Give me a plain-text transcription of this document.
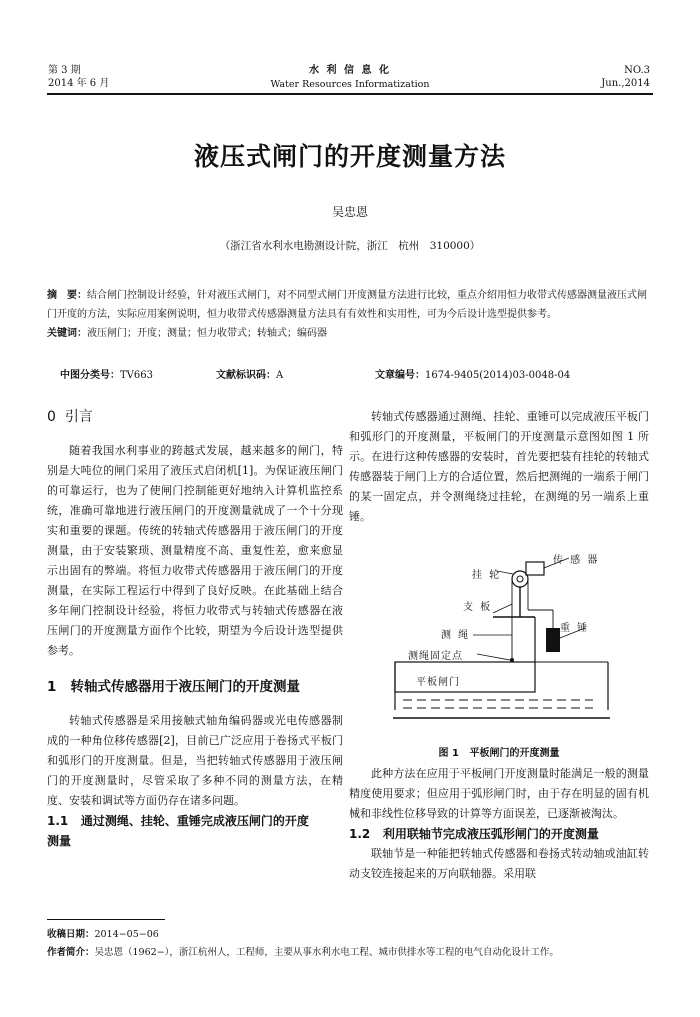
第 3 期
2014 年 6 月
水 利 信 息 化
Water Resources Informatization
NO.3
Jun.,2014
液压式闸门的开度测量方法
吴忠恩
（浙江省水利水电勘测设计院，浙江　杭州　310000）
摘　要：结合闸门控制设计经验，针对液压式闸门，对不同型式闸门开度测量方法进行比较，重点介绍用恒力收带式传感器测量液压式闸门开度的方法，实际应用案例说明，恒力收带式传感器测量方法具有有效性和实用性，可为今后设计选型提供参考。
关键词：液压闸门；开度；测量；恒力收带式；转轴式；编码器
中图分类号：TV663	文献标识码：A	文章编号：1674-9405(2014)03-0048-04
0 引言

随着我国水利事业的跨越式发展，越来越多的闸门，特别是大吨位的闸门采用了液压式启闭机[1]。为保证液压闸门的可靠运行，也为了使闸门控制能更好地纳入计算机监控系统，准确可靠地进行液压闸门的开度测量就成了一个十分现实和重要的课题。传统的转轴式传感器用于液压闸门的开度测量，由于安装繁琐、测量精度不高、重复性差，愈来愈显示出固有的弊端。将恒力收带式传感器用于液压闸门的开度测量，在实际工程运行中得到了良好反映。在此基础上结合多年闸门控制设计经验，将恒力收带式与转轴式传感器在液压闸门的开度测量方面作个比较，期望为今后设计选型提供参考。

1 转轴式传感器用于液压闸门的开度测量

转轴式传感器是采用接触式轴角编码器或光电传感器制成的一种角位移传感器[2]，目前已广泛应用于卷扬式平板门和弧形门的开度测量。但是，当把转轴式传感器用于液压闸门的开度测量时，尽管采取了多种不同的测量方法，在精度、安装和调试等方面仍存在诸多问题。

1.1 通过测绳、挂轮、重锤完成液压闸门的开度
测量

转轴式传感器通过测绳、挂轮、重锤可以完成液压平板门和弧形门的开度测量，平板闸门的开度测量示意图如图 1 所示。在进行这种传感器的安装时，首先要把装有挂轮的转轴式传感器装于闸门上方的合适位置，然后把测绳的一端系于闸门的某一固定点，并令测绳绕过挂轮，在测绳的另一端系上重锤。

传 感 器
挂 轮
支 板
测 绳
重 锤
测绳固定点
平板闸门
图 1 平板闸门的开度测量

此种方法在应用于平板闸门开度测量时能满足一般的测量精度使用要求；但应用于弧形闸门时，由于存在明显的固有机械和非线性位移导致的计算等方面误差，已逐渐被淘汰。

1.2 利用联轴节完成液压弧形闸门的开度测量

联轴节是一种能把转轴式传感器和卷扬式转动轴或油缸转动支铰连接起来的万向联轴器。采用联

收稿日期：2014−05−06
作者简介：吴忠恩（1962−），浙江杭州人，工程师，主要从事水利水电工程、城市供排水等工程的电气自动化设计工作。
